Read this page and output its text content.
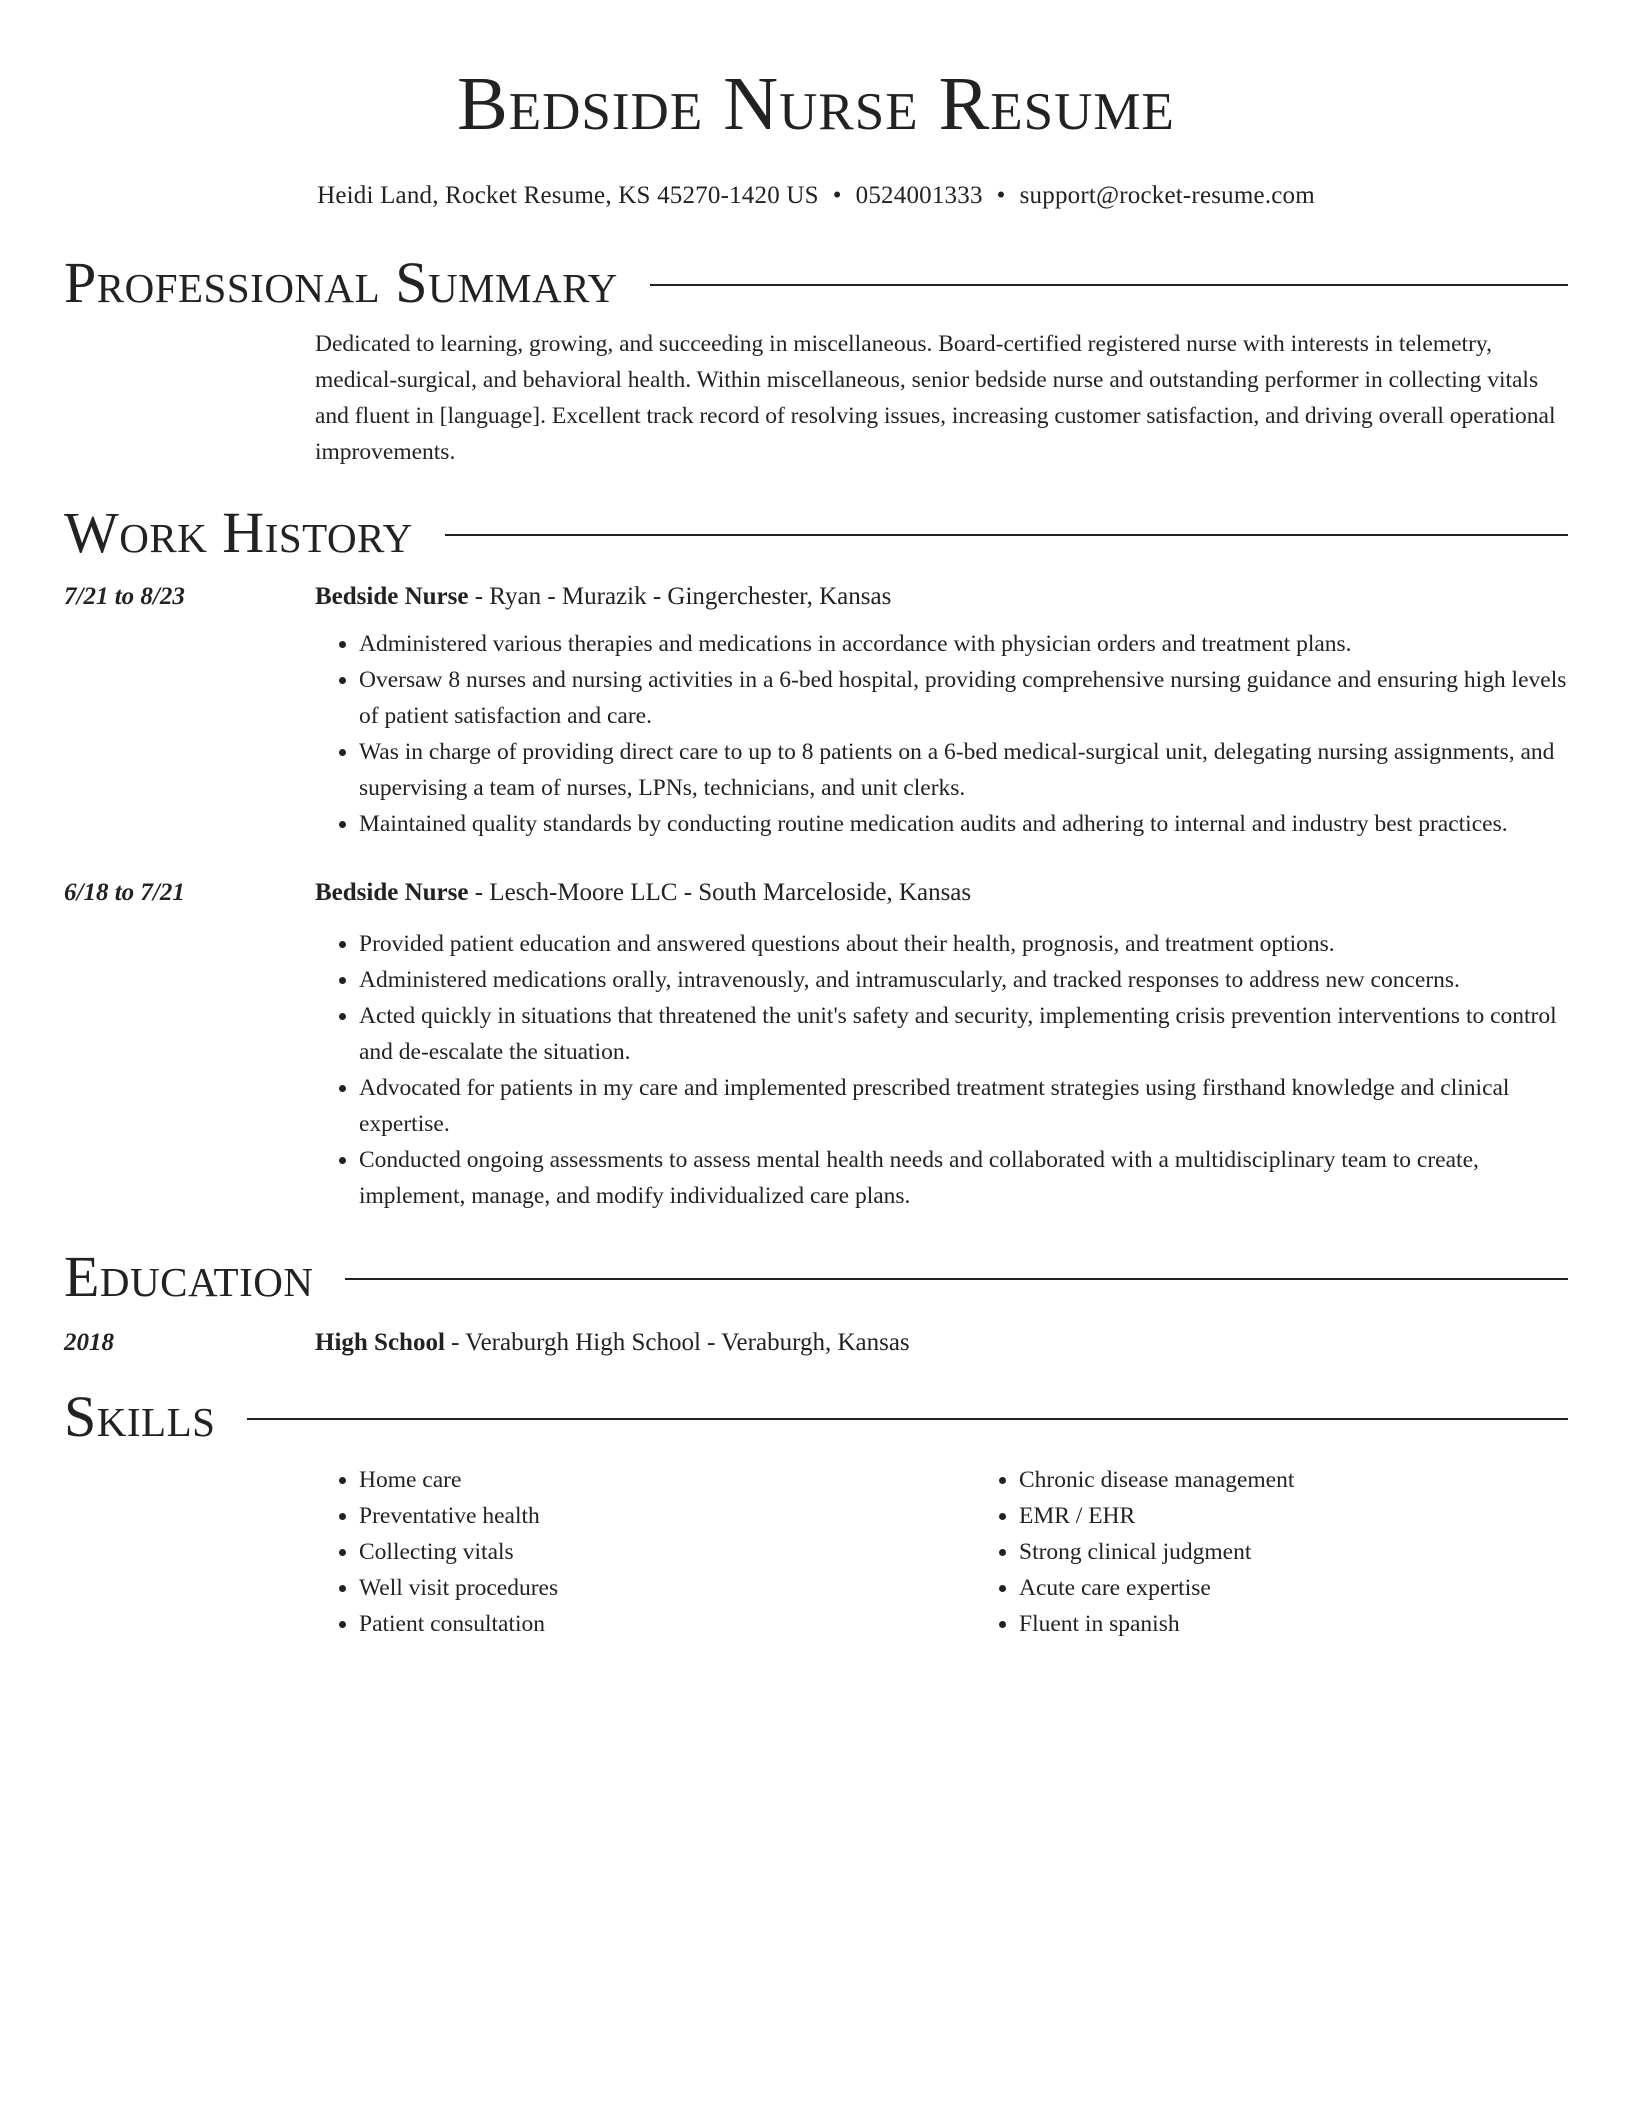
Bedside Nurse Resume
Heidi Land, Rocket Resume, KS 45270-1420 US • 0524001333 • support@rocket-resume.com
Professional Summary
Dedicated to learning, growing, and succeeding in miscellaneous. Board-certified registered nurse with interests in telemetry, medical-surgical, and behavioral health. Within miscellaneous, senior bedside nurse and outstanding performer in collecting vitals and fluent in [language]. Excellent track record of resolving issues, increasing customer satisfaction, and driving overall operational improvements.
Work History
7/21 to 8/23	Bedside Nurse - Ryan - Murazik - Gingerchester, Kansas
• Administered various therapies and medications in accordance with physician orders and treatment plans.
• Oversaw 8 nurses and nursing activities in a 6-bed hospital, providing comprehensive nursing guidance and ensuring high levels of patient satisfaction and care.
• Was in charge of providing direct care to up to 8 patients on a 6-bed medical-surgical unit, delegating nursing assignments, and supervising a team of nurses, LPNs, technicians, and unit clerks.
• Maintained quality standards by conducting routine medication audits and adhering to internal and industry best practices.
6/18 to 7/21	Bedside Nurse - Lesch-Moore LLC - South Marceloside, Kansas
• Provided patient education and answered questions about their health, prognosis, and treatment options.
• Administered medications orally, intravenously, and intramuscularly, and tracked responses to address new concerns.
• Acted quickly in situations that threatened the unit's safety and security, implementing crisis prevention interventions to control and de-escalate the situation.
• Advocated for patients in my care and implemented prescribed treatment strategies using firsthand knowledge and clinical expertise.
• Conducted ongoing assessments to assess mental health needs and collaborated with a multidisciplinary team to create, implement, manage, and modify individualized care plans.
Education
2018	High School - Veraburgh High School - Veraburgh, Kansas
Skills
• Home care
• Preventative health
• Collecting vitals
• Well visit procedures
• Patient consultation
• Chronic disease management
• EMR / EHR
• Strong clinical judgment
• Acute care expertise
• Fluent in spanish
